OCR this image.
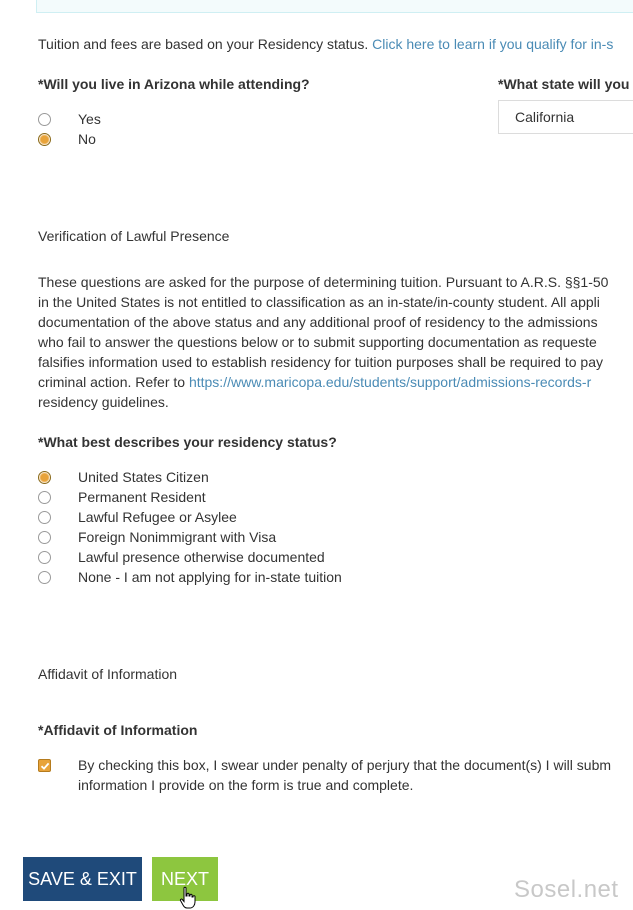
Tuition and fees are based on your Residency status. Click here to learn if you qualify for in-s
*Will you live in Arizona while attending?
Yes
No
*What state will you
California
Verification of Lawful Presence
These questions are asked for the purpose of determining tuition. Pursuant to A.R.S. §§1-50
in the United States is not entitled to classification as an in-state/in-county student. All appli
documentation of the above status and any additional proof of residency to the admissions
who fail to answer the questions below or to submit supporting documentation as requeste
falsifies information used to establish residency for tuition purposes shall be required to pay
criminal action. Refer to https://www.maricopa.edu/students/support/admissions-records-r
residency guidelines.
*What best describes your residency status?
United States Citizen
Permanent Resident
Lawful Refugee or Asylee
Foreign Nonimmigrant with Visa
Lawful presence otherwise documented
None - I am not applying for in-state tuition
Affidavit of Information
*Affidavit of Information
By checking this box, I swear under penalty of perjury that the document(s) I will subm
information I provide on the form is true and complete.
SAVE & EXIT	NEXT	Sosel.net
